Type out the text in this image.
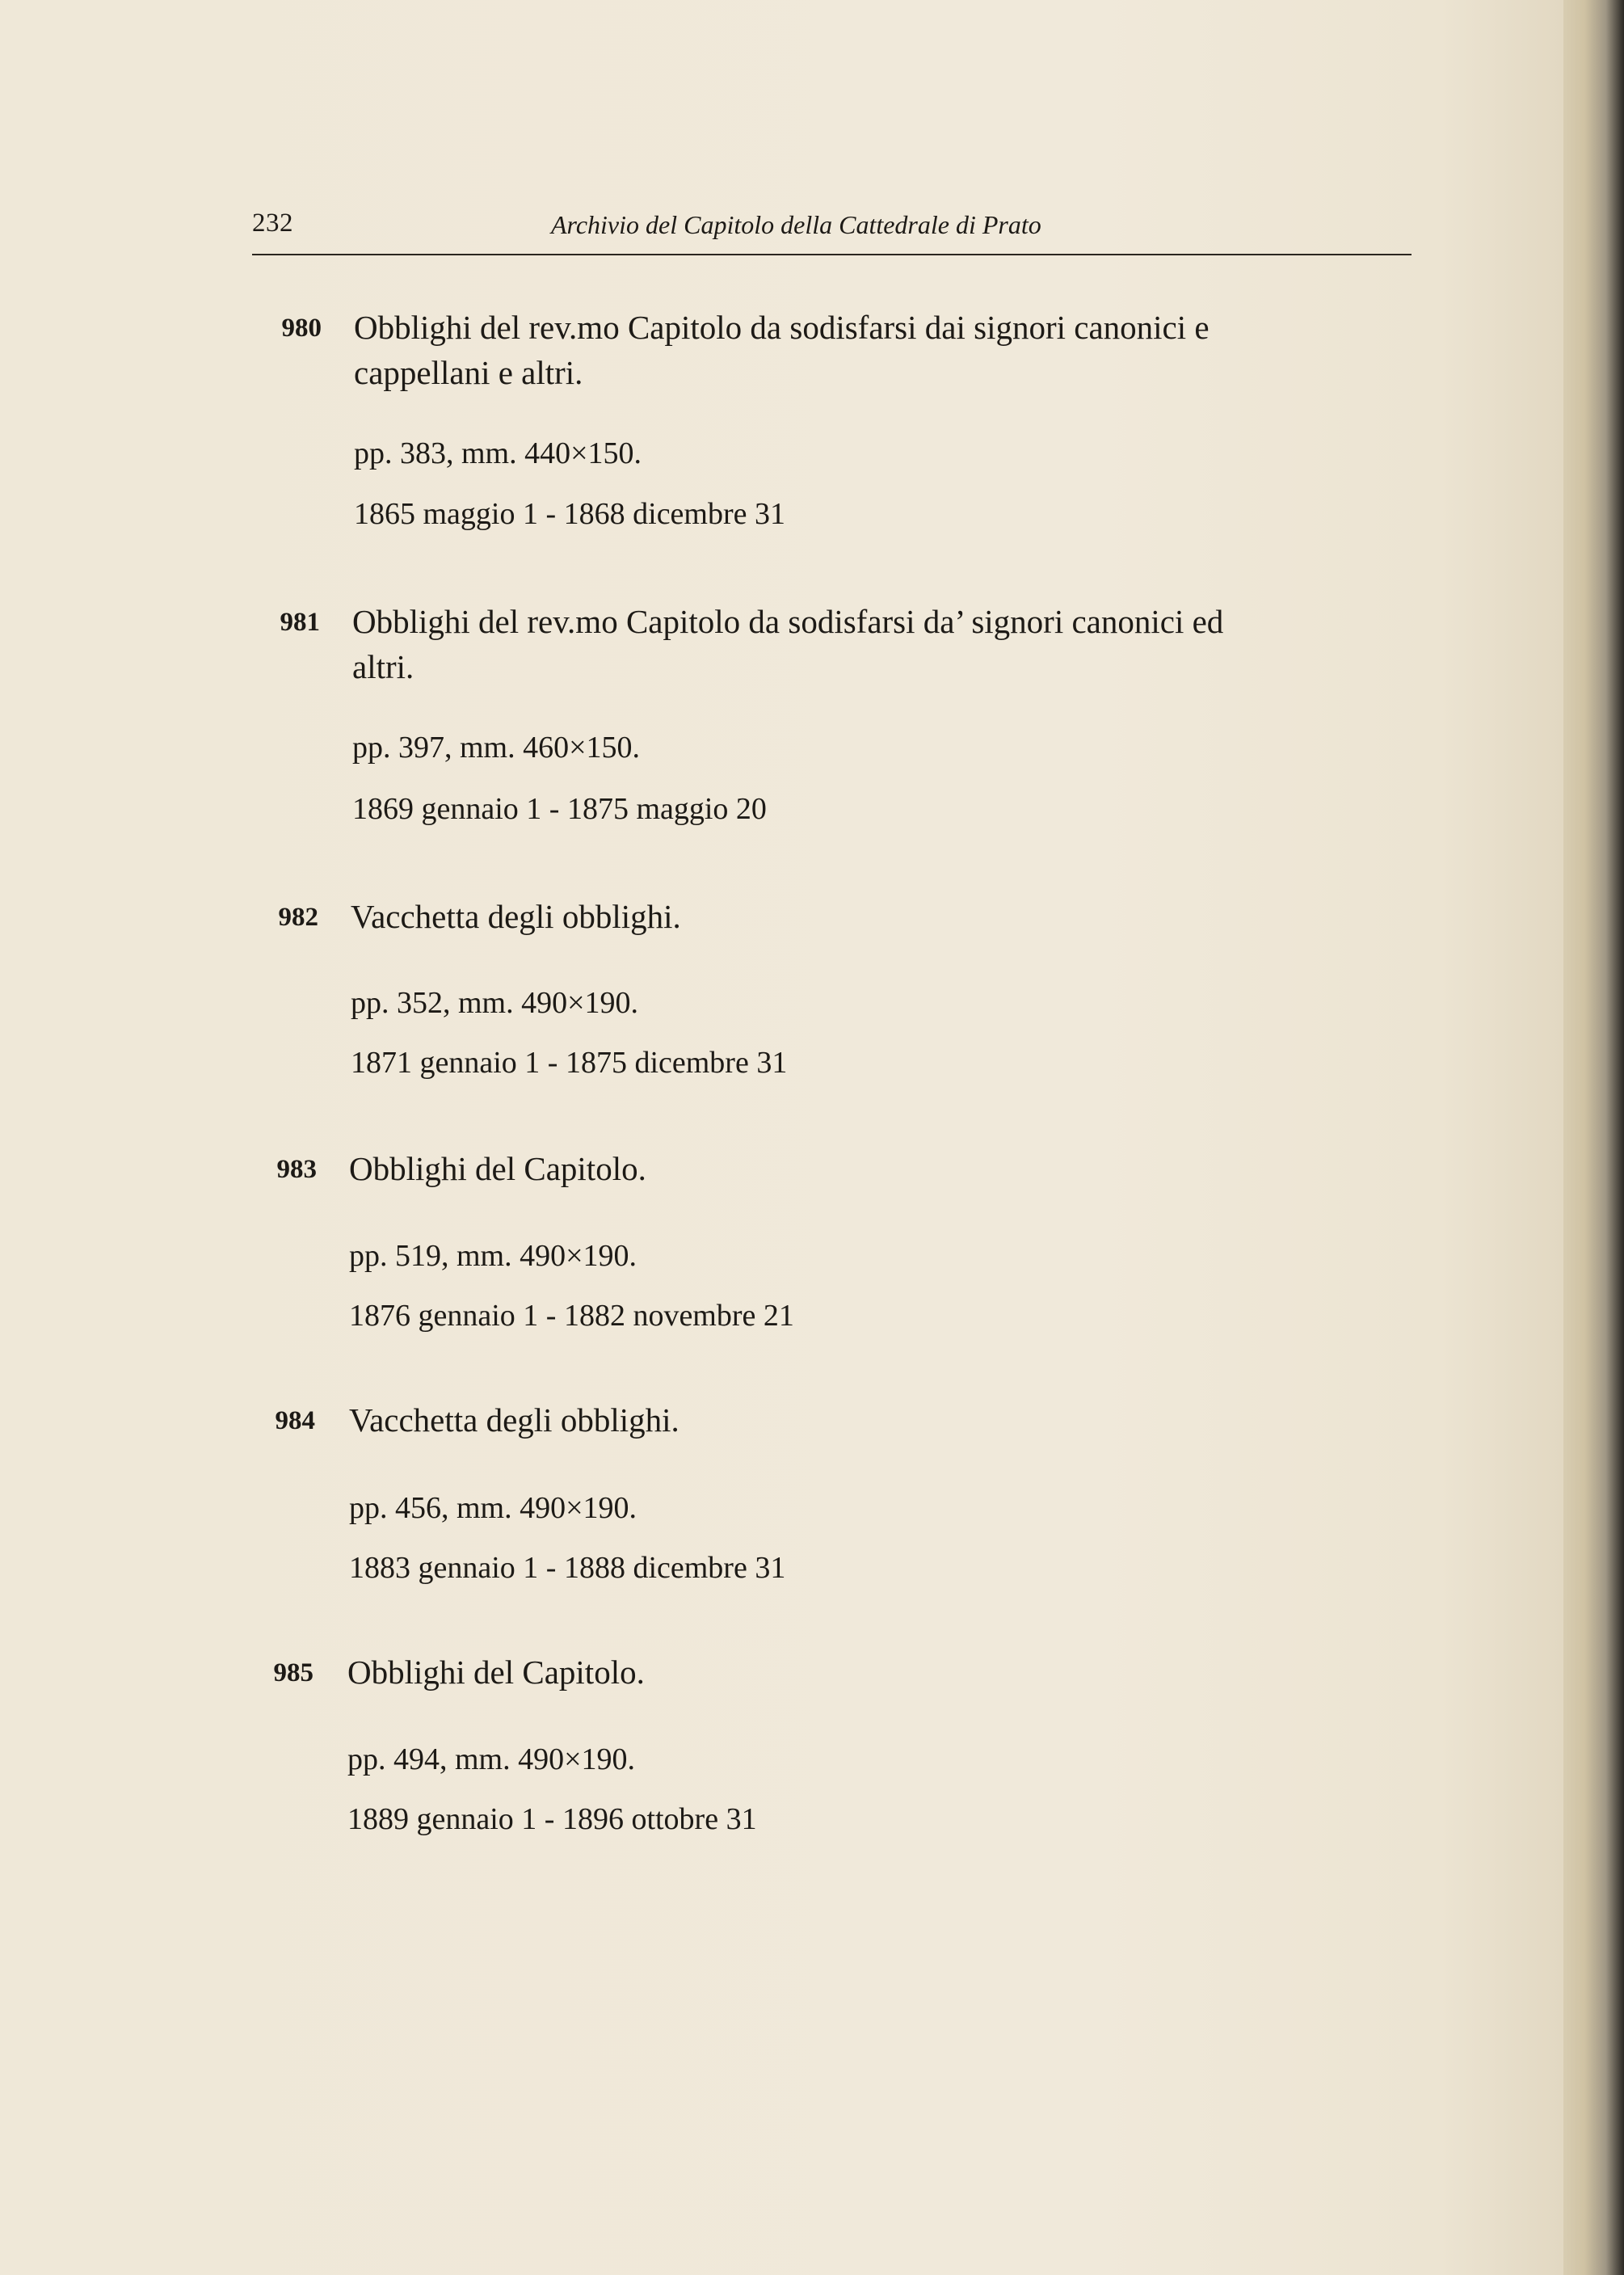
232	Archivio del Capitolo della Cattedrale di Prato
980 Obblighi del rev.mo Capitolo da sodisfarsi dai signori canonici e
cappellani e altri.
pp. 383, mm. 440×150.
1865 maggio 1 - 1868 dicembre 31
981 Obblighi del rev.mo Capitolo da sodisfarsi da’ signori canonici ed
altri.
pp. 397, mm. 460×150.
1869 gennaio 1 - 1875 maggio 20
982 Vacchetta degli obblighi.
pp. 352, mm. 490×190.
1871 gennaio 1 - 1875 dicembre 31
983 Obblighi del Capitolo.
pp. 519, mm. 490×190.
1876 gennaio 1 - 1882 novembre 21
984 Vacchetta degli obblighi.
pp. 456, mm. 490×190.
1883 gennaio 1 - 1888 dicembre 31
985 Obblighi del Capitolo.
pp. 494, mm. 490×190.
1889 gennaio 1 - 1896 ottobre 31
